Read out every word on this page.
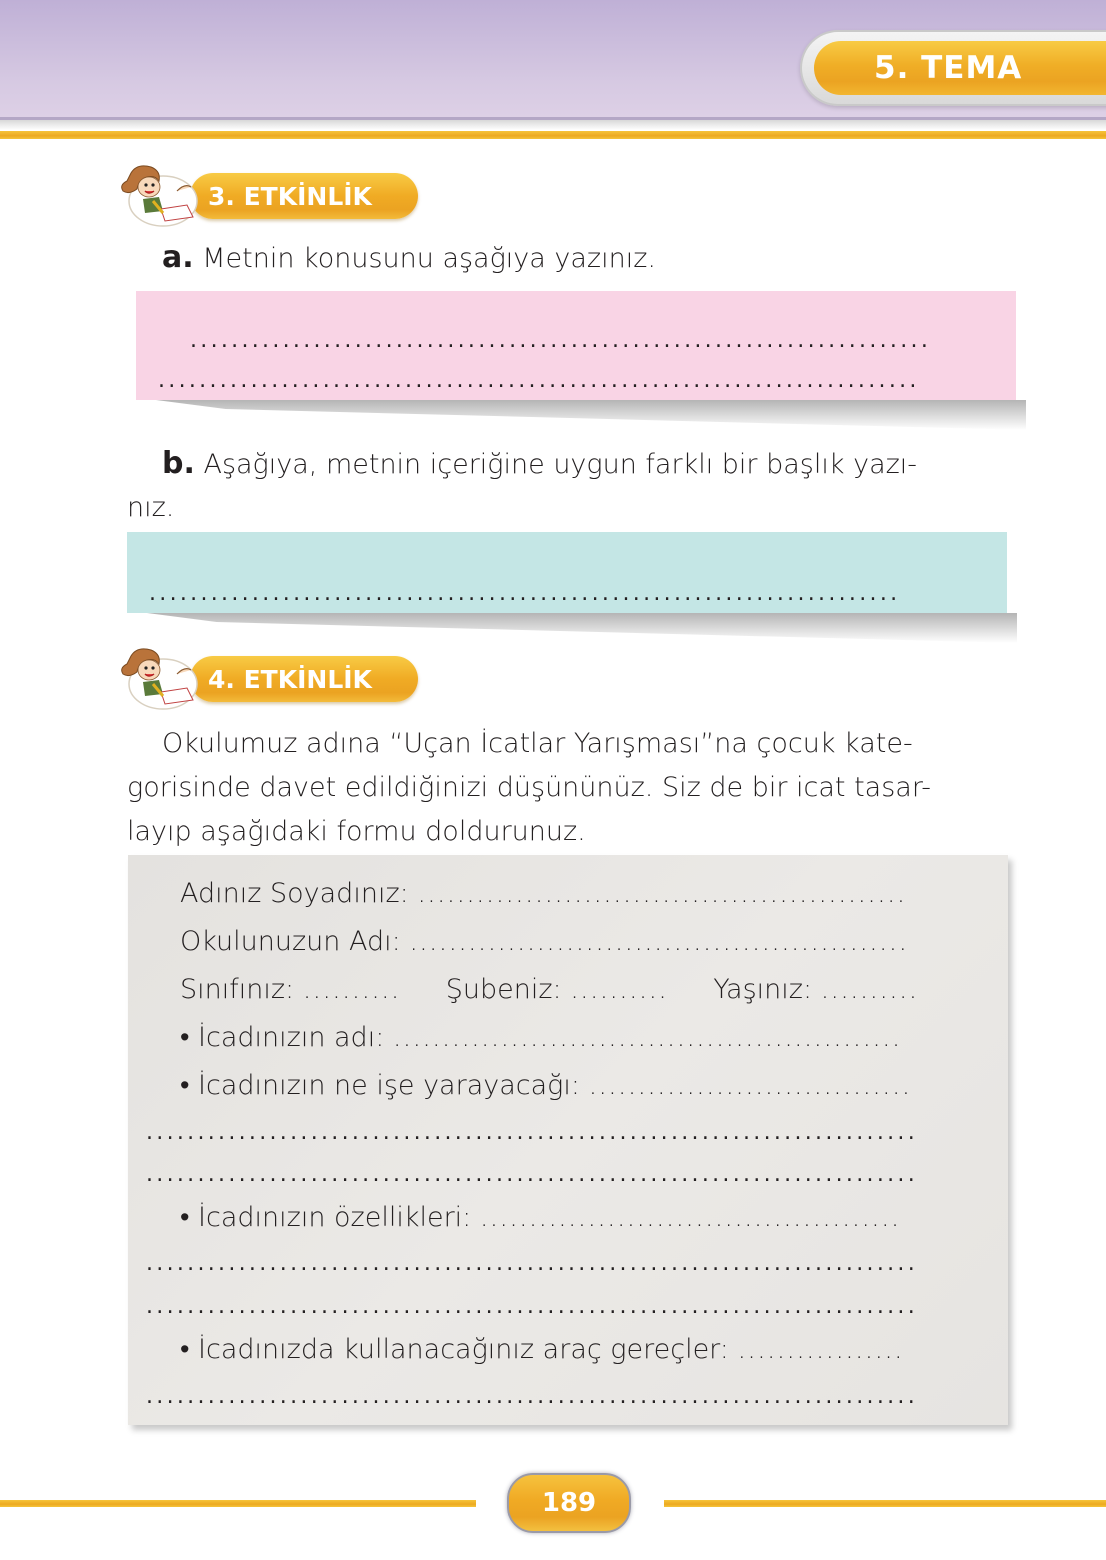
5. TEMA
3. ETKİNLİK
a. Metnin konusunu aşağıya yazınız.
........................................................................
..........................................................................
b. Aşağıya, metnin içeriğine uygun farklı bir başlık yazı-
nız.
.........................................................................
4. ETKİNLİK
Okulumuz adına “Uçan İcatlar Yarışması”na çocuk kate-
gorisinde davet edildiğinizi düşününüz. Siz de bir icat tasar-
layıp aşağıdaki formu doldurunuz.
Adınız Soyadınız: ..................................................
Okulunuzun Adı: ...................................................
Sınıfınız: .......... Şubeniz: .......... Yaşınız: ..........
• İcadınızın adı: ....................................................
• İcadınızın ne işe yarayacağı: .................................
...........................................................................
...........................................................................
• İcadınızın özellikleri: ...........................................
...........................................................................
...........................................................................
• İcadınızda kullanacağınız araç gereçler: .................
...........................................................................
189
